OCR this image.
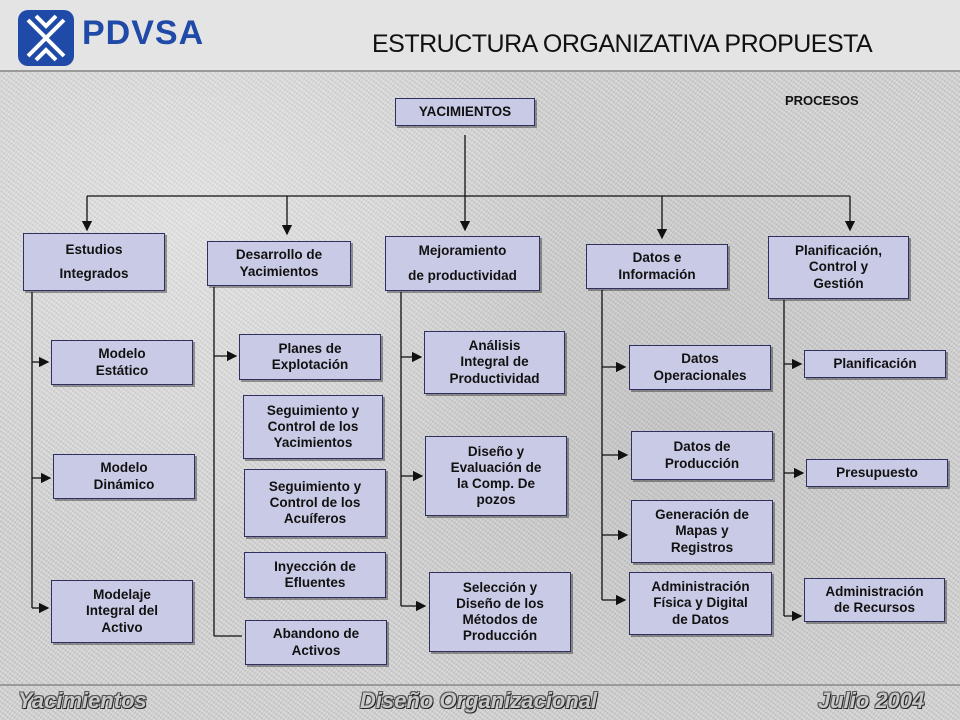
PDVSA	ESTRUCTURA ORGANIZATIVA PROPUESTA
PROCESOS
YACIMIENTOS
Estudios
Integrados
Modelo
Estático
Modelo
Dinámico
Modelaje
Integral del
Activo
Desarrollo de
Yacimientos
Planes de
Explotación
Seguimiento y
Control de los
Yacimientos
Seguimiento y
Control de los
Acuíferos
Inyección de
Efluentes
Abandono de
Activos
Mejoramiento
de productividad
Análisis
Integral de
Productividad
Diseño y
Evaluación de
la Comp. De
pozos
Selección y
Diseño de los
Métodos de
Producción
Datos e
Información
Datos
Operacionales
Datos de
Producción
Generación de
Mapas y
Registros
Administración
Física y Digital
de Datos
Planificación,
Control y
Gestión
Planificación
Presupuesto
Administración
de Recursos
Yacimientos	Diseño Organizacional	Julio 2004
